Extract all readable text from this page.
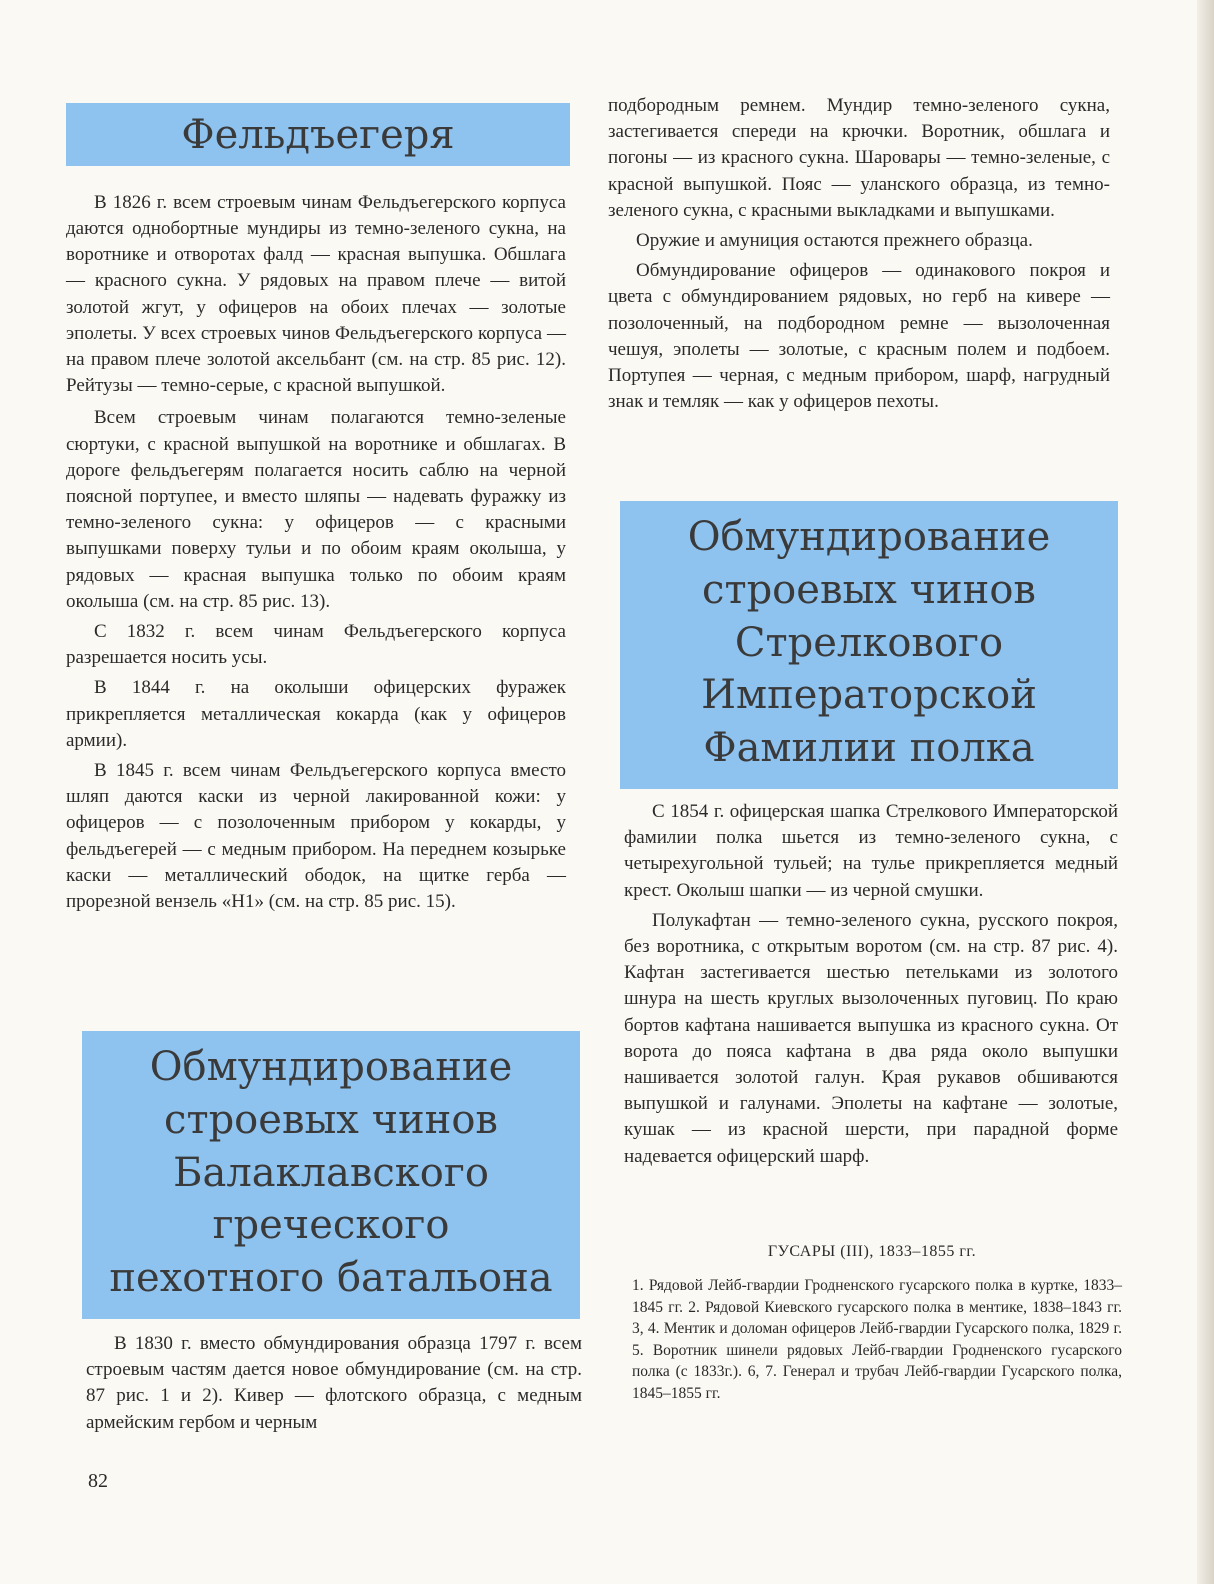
Фельдъегеря

В 1826 г. всем строевым чинам Фельдъегерского корпуса даются однобортные мундиры из темно-зеленого сукна, на воротнике и отворотах фалд — красная выпушка. Обшлага — красного сукна. У рядовых на правом плече — витой золотой жгут, у офицеров на обоих плечах — золотые эполеты. У всех строевых чинов Фельдъегерского корпуса — на правом плече золотой аксельбант (см. на стр. 85 рис. 12). Рейтузы — темно-серые, с красной выпушкой.

Всем строевым чинам полагаются темно-зеленые сюртуки, с красной выпушкой на воротнике и обшлагах. В дороге фельдъегерям полагается носить саблю на черной поясной портупее, и вместо шляпы — надевать фуражку из темно-зеленого сукна: у офицеров — с красными выпушками поверху тульи и по обоим краям околыша, у рядовых — красная выпушка только по обоим краям околыша (см. на стр. 85 рис. 13).

С 1832 г. всем чинам Фельдъегерского корпуса разрешается носить усы.

В 1844 г. на околыши офицерских фуражек прикрепляется металлическая кокарда (как у офицеров армии).

В 1845 г. всем чинам Фельдъегерского корпуса вместо шляп даются каски из черной лакированной кожи: у офицеров — с позолоченным прибором у кокарды, у фельдъегерей — с медным прибором. На переднем козырьке каски — металлический ободок, на щитке герба — прорезной вензель «Н1» (см. на стр. 85 рис. 15).

Обмундирование
строевых чинов
Балаклавского
греческого
пехотного батальона

В 1830 г. вместо обмундирования образца 1797 г. всем строевым частям дается новое обмундирование (см. на стр. 87 рис. 1 и 2). Кивер — флотского образца, с медным армейским гербом и черным

подбородным ремнем. Мундир темно-зеленого сукна, застегивается спереди на крючки. Воротник, обшлага и погоны — из красного сукна. Шаровары — темно-зеленые, с красной выпушкой. Пояс — уланского образца, из темно-зеленого сукна, с красными выкладками и выпушками.

Оружие и амуниция остаются прежнего образца.

Обмундирование офицеров — одинакового покроя и цвета с обмундированием рядовых, но герб на кивере — позолоченный, на подбородном ремне — вызолоченная чешуя, эполеты — золотые, с красным полем и подбоем. Портупея — черная, с медным прибором, шарф, нагрудный знак и темляк — как у офицеров пехоты.

Обмундирование
строевых чинов
Стрелкового
Императорской
Фамилии полка

С 1854 г. офицерская шапка Стрелкового Императорской фамилии полка шьется из темно-зеленого сукна, с четырехугольной тульей; на тулье прикрепляется медный крест. Околыш шапки — из черной смушки.

Полукафтан — темно-зеленого сукна, русского покроя, без воротника, с открытым воротом (см. на стр. 87 рис. 4). Кафтан застегивается шестью петельками из золотого шнура на шесть круглых вызолоченных пуговиц. По краю бортов кафтана нашивается выпушка из красного сукна. От ворота до пояса кафтана в два ряда около выпушки нашивается золотой галун. Края рукавов обшиваются выпушкой и галунами. Эполеты на кафтане — золотые, кушак — из красной шерсти, при парадной форме надевается офицерский шарф.

ГУСАРЫ (III), 1833–1855 гг.

1. Рядовой Лейб-гвардии Гродненского гусарского полка в куртке, 1833–1845 гг. 2. Рядовой Киевского гусарского полка в ментике, 1838–1843 гг. 3, 4. Ментик и доломан офицеров Лейб-гвардии Гусарского полка, 1829 г. 5. Воротник шинели рядовых Лейб-гвардии Гродненского гусарского полка (с 1833г.). 6, 7. Генерал и трубач Лейб-гвардии Гусарского полка, 1845–1855 гг.

82
